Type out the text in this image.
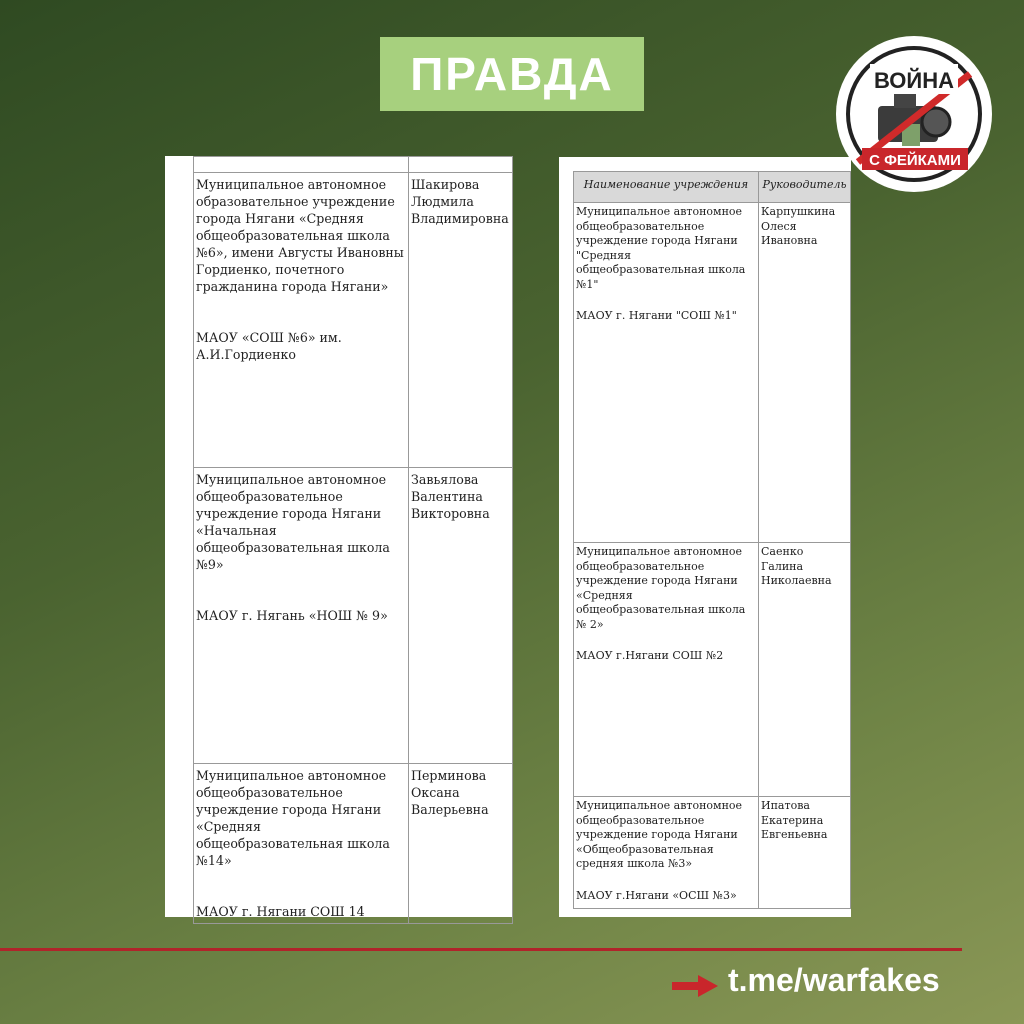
ПРАВДА	ВОЙНА
С ФЕЙКАМИ

Муниципальное автономное образовательное учреждение города Нягани «Средняя общеобразовательная школа №6», имени Августы Ивановны Гордиенко, почетного гражданина города Нягани»
МАОУ «СОШ №6» им. А.И.Гордиенко	Шакирова Людмила Владимировна
Муниципальное автономное общеобразовательное учреждение города Нягани «Начальная общеобразовательная школа №9»
МАОУ г. Нягань «НОШ № 9»	Завьялова Валентина Викторовна
Муниципальное автономное общеобразовательное учреждение города Нягани «Средняя общеобразовательная школа №14»
МАОУ г. Нягани СОШ 14	Перминова Оксана Валерьевна
Наименование учреждения	Руководитель
Муниципальное автономное общеобразовательное учреждение города Нягани "Средняя общеобразовательная школа №1"
МАОУ г. Нягани "СОШ №1"	Карпушкина Олеся Ивановна
Муниципальное автономное общеобразовательное учреждение города Нягани «Средняя общеобразовательная школа № 2»
МАОУ г.Нягани СОШ №2	Саенко Галина Николаевна
Муниципальное автономное общеобразовательное учреждение города Нягани «Общеобразовательная средняя школа №3»
МАОУ г.Нягани «ОСШ №3»	Ипатова Екатерина Евгеньевна
t.me/warfakes
